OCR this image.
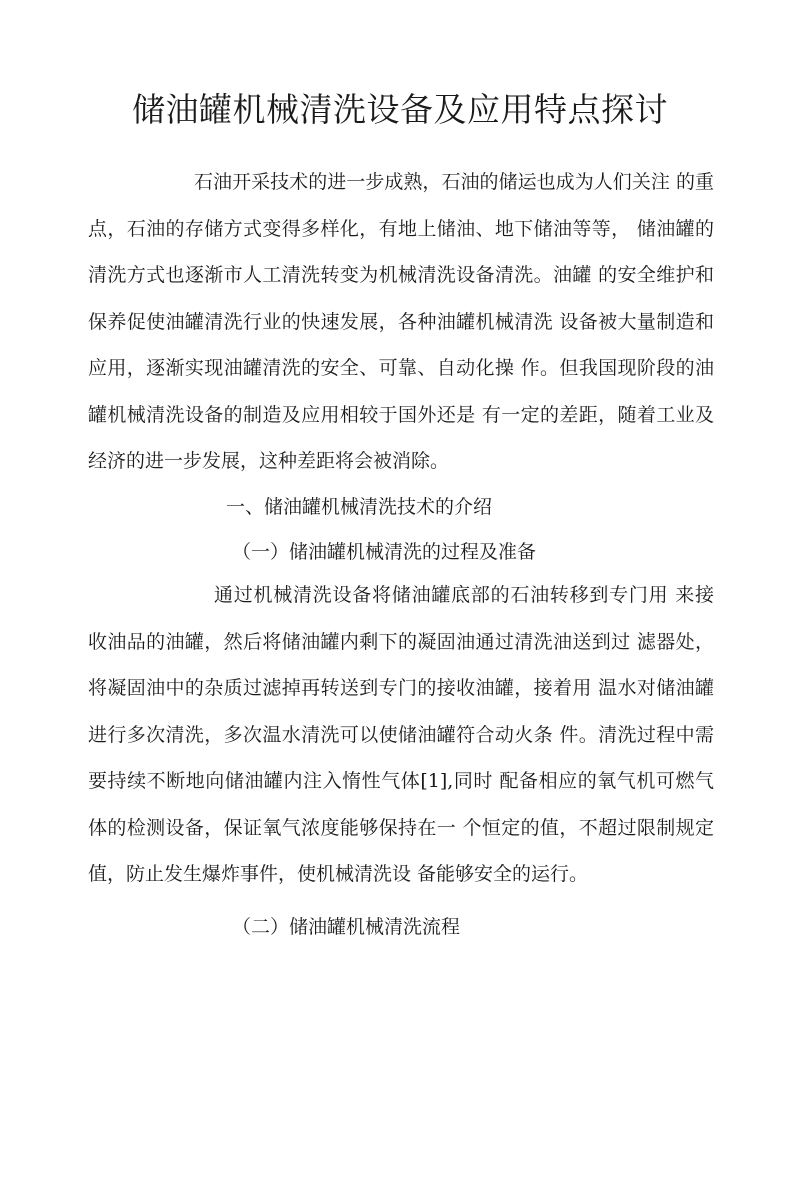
储油罐机械清洗设备及应用特点探讨

石油开采技术的进一步成熟，石油的储运也成为人们关注 的重点，石油的存储方式变得多样化，有地上储油、地下储油等等， 储油罐的清洗方式也逐渐市人工清洗转变为机械清洗设备清洗。油罐 的安全维护和保养促使油罐清洗行业的快速发展，各种油罐机械清洗 设备被大量制造和应用，逐渐实现油罐清洗的安全、可靠、自动化操 作。但我国现阶段的油罐机械清洗设备的制造及应用相较于国外还是 有一定的差距，随着工业及经济的进一步发展，这种差距将会被消除。

一、储油罐机械清洗技术的介绍
（一）储油罐机械清洗的过程及准备

通过机械清洗设备将储油罐底部的石油转移到专门用 来接收油品的油罐，然后将储油罐内剩下的凝固油通过清洗油送到过 滤器处，将凝固油中的杂质过滤掉再转送到专门的接收油罐，接着用 温水对储油罐进行多次清洗，多次温水清洗可以使储油罐符合动火条 件。清洗过程中需要持续不断地向储油罐内注入惰性气体[1],同时 配备相应的氧气机可燃气体的检测设备，保证氧气浓度能够保持在一 个恒定的值，不超过限制规定值，防止发生爆炸事件，使机械清洗设 备能够安全的运行。

（二）储油罐机械清洗流程
